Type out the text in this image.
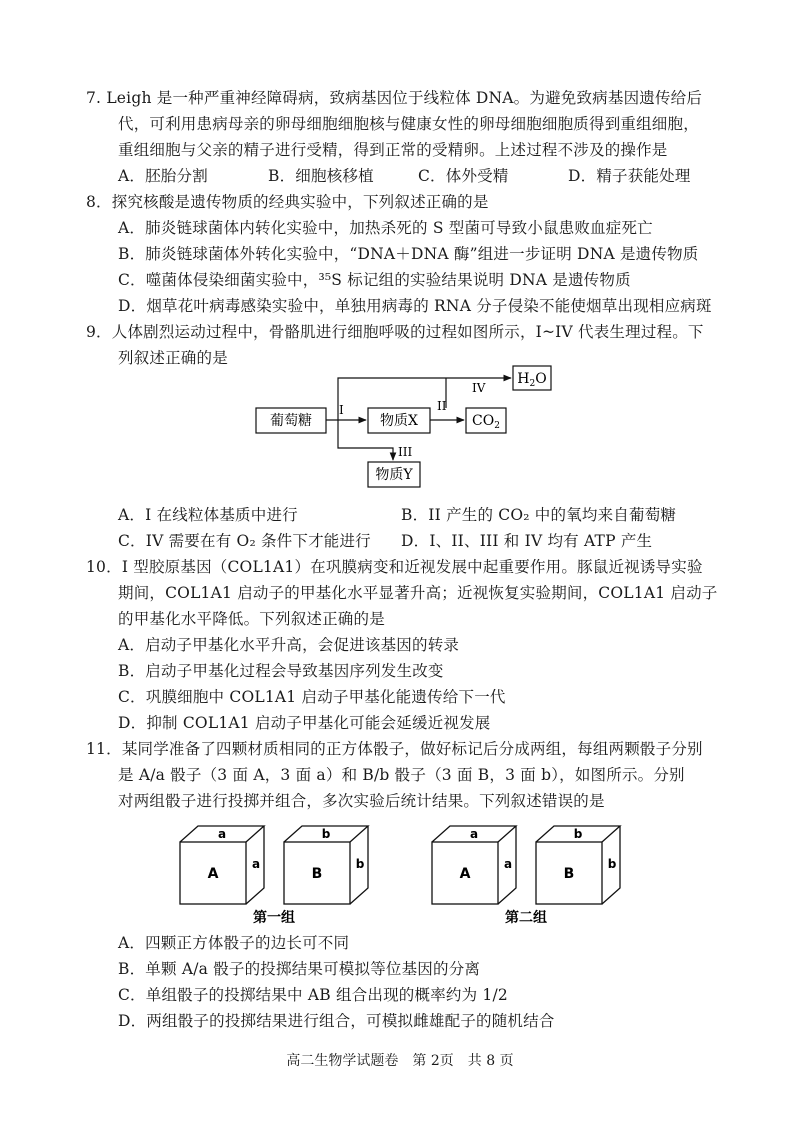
7. Leigh 是一种严重神经障碍病，致病基因位于线粒体 DNA。为避免致病基因遗传给后
代，可利用患病母亲的卵母细胞细胞核与健康女性的卵母细胞细胞质得到重组细胞，
重组细胞与父亲的精子进行受精，得到正常的受精卵。上述过程不涉及的操作是
A．胚胎分割	B．细胞核移植	C．体外受精	D．精子获能处理
8．探究核酸是遗传物质的经典实验中，下列叙述正确的是
A．肺炎链球菌体内转化实验中，加热杀死的 S 型菌可导致小鼠患败血症死亡
B．肺炎链球菌体外转化实验中，“DNA＋DNA 酶”组进一步证明 DNA 是遗传物质
C．噬菌体侵染细菌实验中，³⁵S 标记组的实验结果说明 DNA 是遗传物质
D．烟草花叶病毒感染实验中，单独用病毒的 RNA 分子侵染不能使烟草出现相应病斑
9．人体剧烈运动过程中，骨骼肌进行细胞呼吸的过程如图所示，I~IV 代表生理过程。下
列叙述正确的是
葡萄糖	物质X	$CO_2$
$H_2O$
物质Y
I	II
III
IV
A．I 在线粒体基质中进行	B．II 产生的 CO₂ 中的氧均来自葡萄糖
C．IV 需要在有 O₂ 条件下才能进行	D．I、II、III 和 IV 均有 ATP 产生
10．I 型胶原基因（COL1A1）在巩膜病变和近视发展中起重要作用。豚鼠近视诱导实验
期间，COL1A1 启动子的甲基化水平显著升高；近视恢复实验期间，COL1A1 启动子
的甲基化水平降低。下列叙述正确的是
A．启动子甲基化水平升高，会促进该基因的转录
B．启动子甲基化过程会导致基因序列发生改变
C．巩膜细胞中 COL1A1 启动子甲基化能遗传给下一代
D．抑制 COL1A1 启动子甲基化可能会延缓近视发展
11．某同学准备了四颗材质相同的正方体骰子，做好标记后分成两组，每组两颗骰子分别
是 A/a 骰子（3 面 A，3 面 a）和 B/b 骰子（3 面 B，3 面 b），如图所示。分别
对两组骰子进行投掷并组合，多次实验后统计结果。下列叙述错误的是
A
a
a
B
b
b
第一组
A
a
a
B
b
b
第二组
A．四颗正方体骰子的边长可不同
B．单颗 A/a 骰子的投掷结果可模拟等位基因的分离
C．单组骰子的投掷结果中 AB 组合出现的概率约为 1/2
D．两组骰子的投掷结果进行组合，可模拟雌雄配子的随机结合
高二生物学试题卷　第 2页　共 8 页
